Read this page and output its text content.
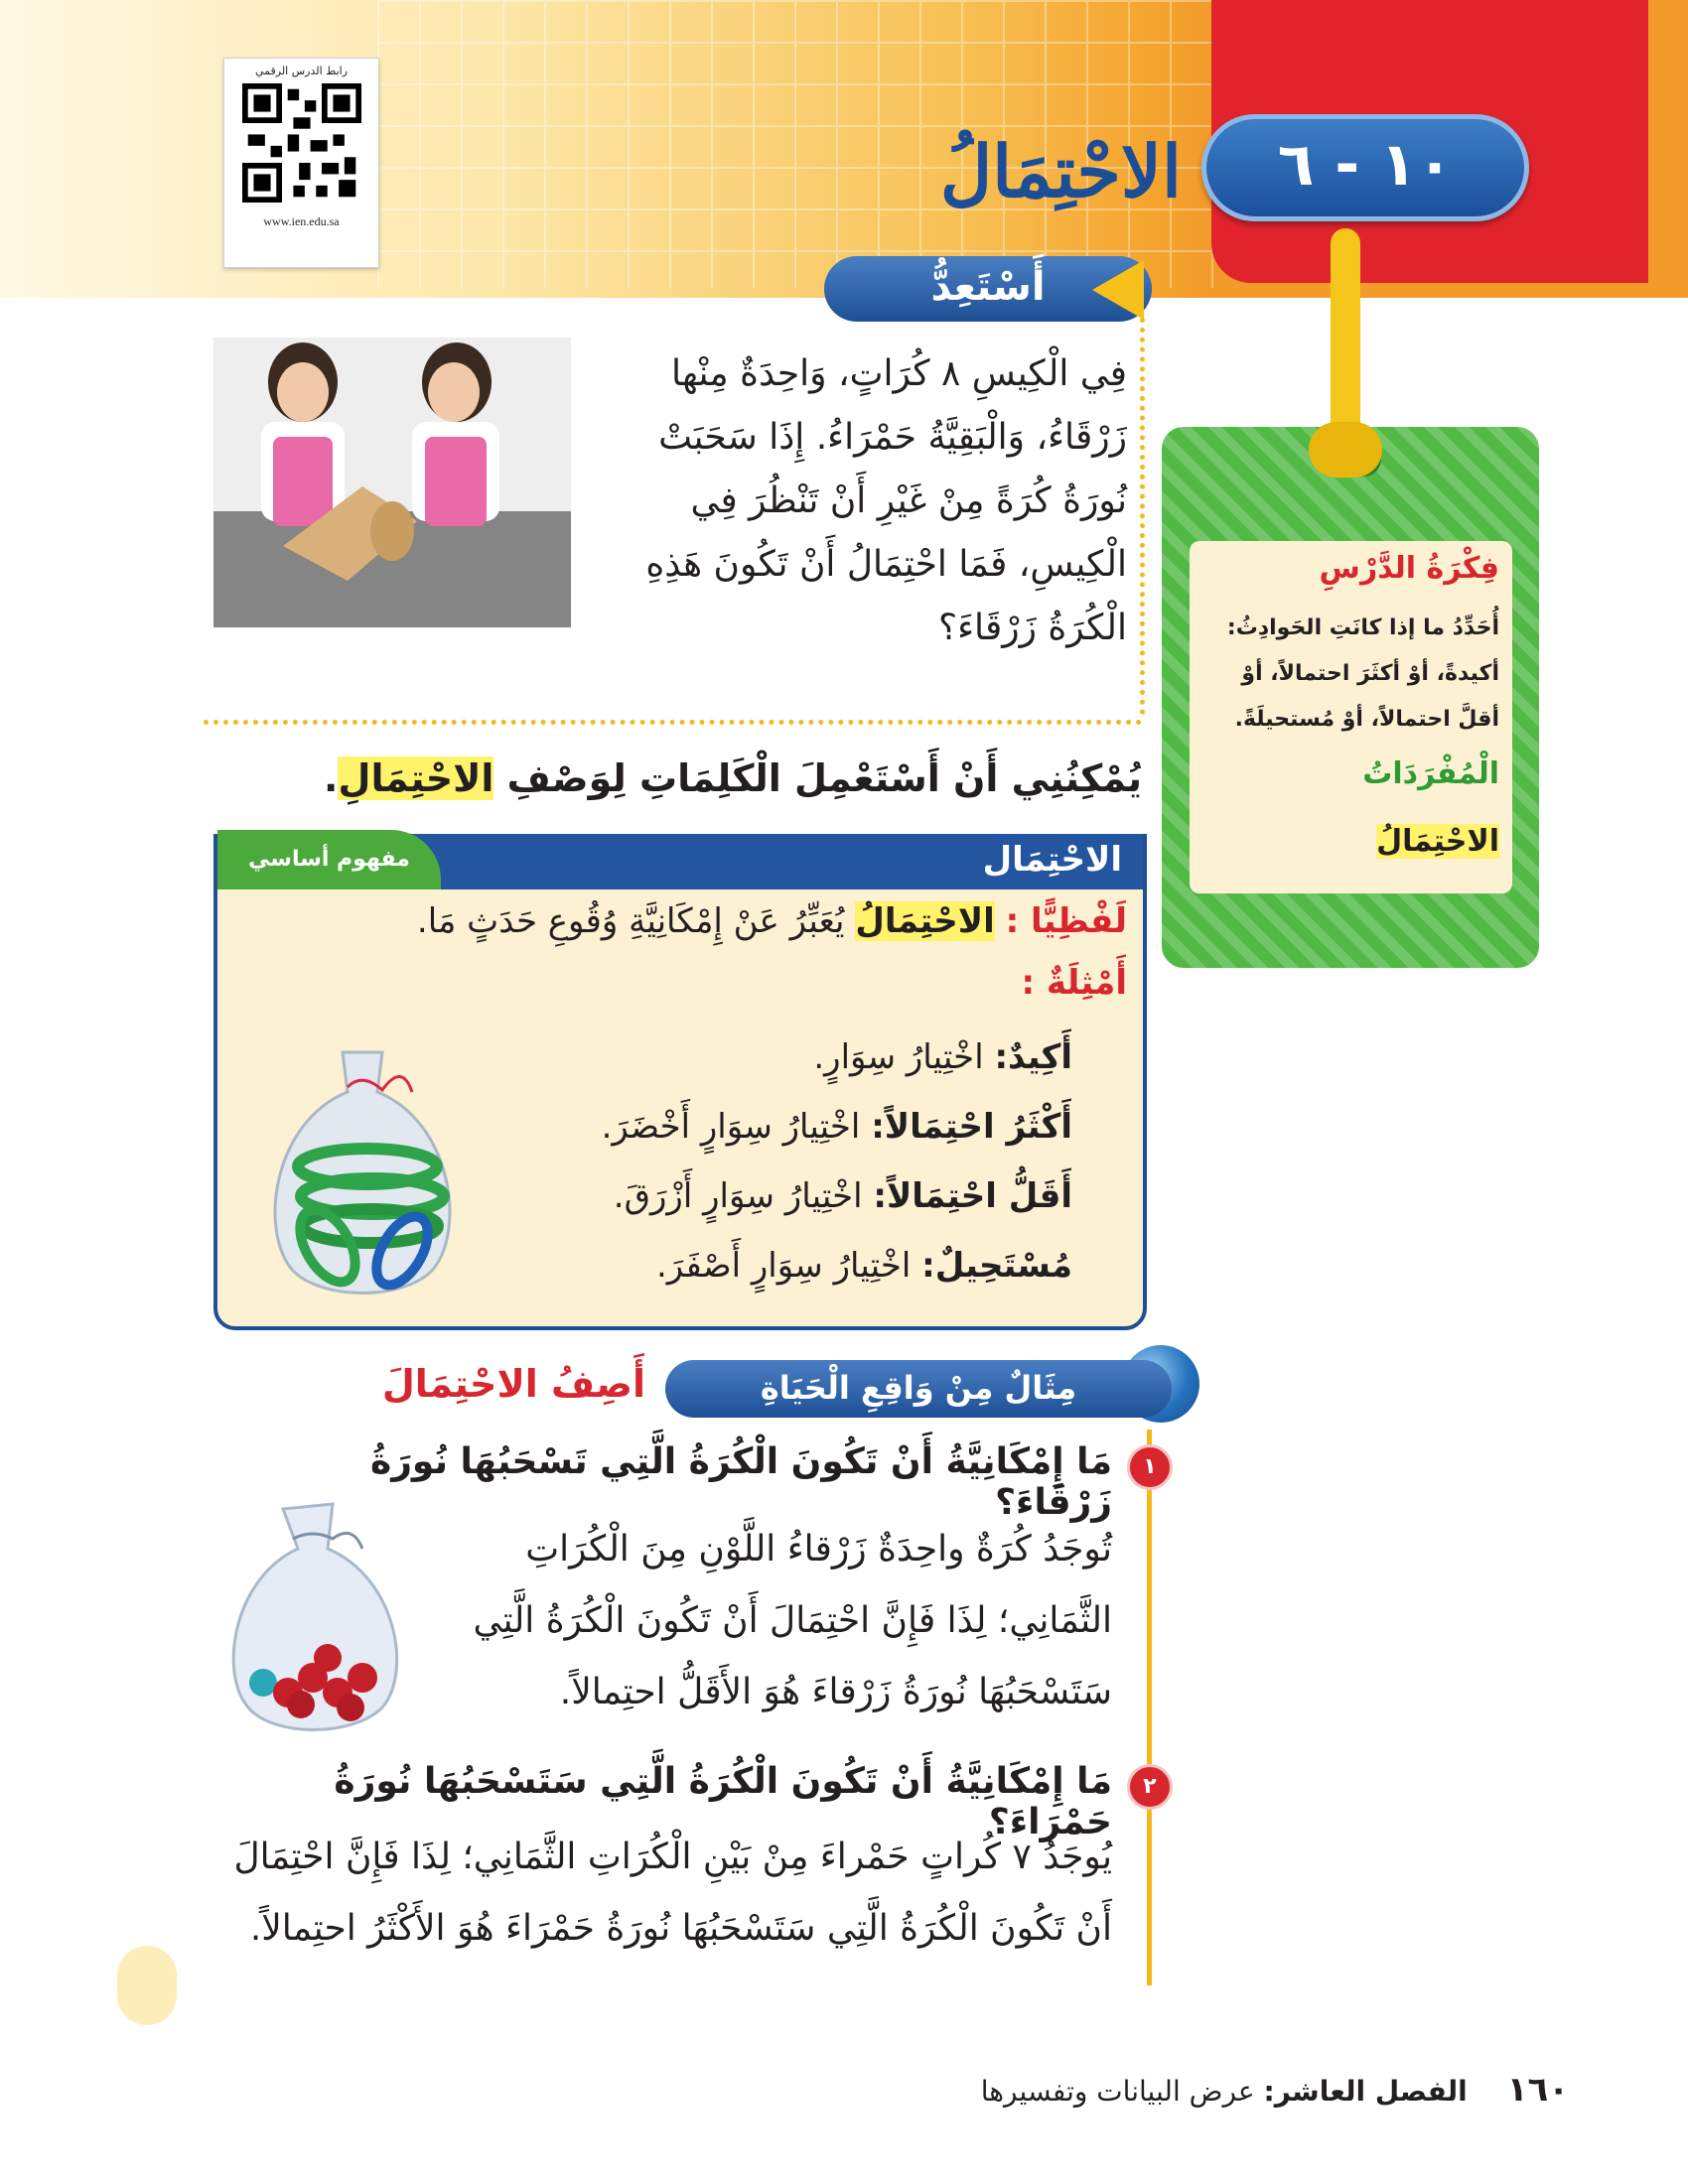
رابط الدرس الرقمي
www.ien.edu.sa
١٠ - ٦
الاحْتِمَالُ
أَسْتَعِدُّ
فِي الْكِيسِ ٨ كُرَاتٍ، وَاحِدَةٌ مِنْها زَرْقَاءُ، وَالْبَقِيَّةُ حَمْرَاءُ. إِذَا سَحَبَتْ نُورَةُ كُرَةً مِنْ غَيْرِ أَنْ تَنْظُرَ فِي الْكِيسِ، فَمَا احْتِمَالُ أَنْ تَكُونَ هَذِهِ الْكُرَةُ زَرْقَاءَ؟
يُمْكِنُنِي أَنْ أَسْتَعْمِلَ الْكَلِمَاتِ لِوَصْفِ الاحْتِمَالِ.
الاحْتِمَال
مفهوم أساسي
لَفْظِيًّا : الاحْتِمَالُ يُعَبِّرُ عَنْ إِمْكَانِيَّةِ وُقُوعِ حَدَثٍ مَا.
أَمْثِلَةٌ :
أَكِيدٌ: اخْتِيارُ سِوَارٍ.
أَكْثَرُ احْتِمَالاً: اخْتِيارُ سِوَارٍ أَخْضَرَ.
أَقَلُّ احْتِمَالاً: اخْتِيارُ سِوَارٍ أَزْرَقَ.
مُسْتَحِيلٌ: اخْتِيارُ سِوَارٍ أَصْفَرَ.
فِكْرَةُ الدَّرْسِ
أُحَدِّدُ ما إذا كانَتِ الحَوادِثُ: أكيدةً، أوْ أكثَرَ احتمالاً، أوْ أقلَّ احتمالاً، أوْ مُستحيلَةً.
الْمُفْرَدَاتُ
الاحْتِمَالُ
مِثَالٌ مِنْ وَاقِعِ الْحَيَاةِ
أَصِفُ الاحْتِمَالَ
١
مَا إِمْكَانِيَّةُ أَنْ تَكُونَ الْكُرَةُ الَّتِي تَسْحَبُهَا نُورَةُ زَرْقَاءَ؟
تُوجَدُ كُرَةٌ واحِدَةٌ زَرْقاءُ اللَّوْنِ مِنَ الْكُرَاتِ الثَّمَانِي؛ لِذَا فَإِنَّ احْتِمَالَ أَنْ تَكُونَ الْكُرَةُ الَّتِي سَتَسْحَبُهَا نُورَةُ زَرْقاءَ هُوَ الأَقَلُّ احتِمالاً.
٢
مَا إِمْكَانِيَّةُ أَنْ تَكُونَ الْكُرَةُ الَّتِي سَتَسْحَبُهَا نُورَةُ حَمْرَاءَ؟
يُوجَدُ ٧ كُراتٍ حَمْراءَ مِنْ بَيْنِ الْكُرَاتِ الثَّمَانِي؛ لِذَا فَإِنَّ احْتِمَالَ أَنْ تَكُونَ الْكُرَةُ الَّتِي سَتَسْحَبُهَا نُورَةُ حَمْرَاءَ هُوَ الأَكْثَرُ احتِمالاً.
١٦٠الفصل العاشر: عرض البيانات وتفسيرها
